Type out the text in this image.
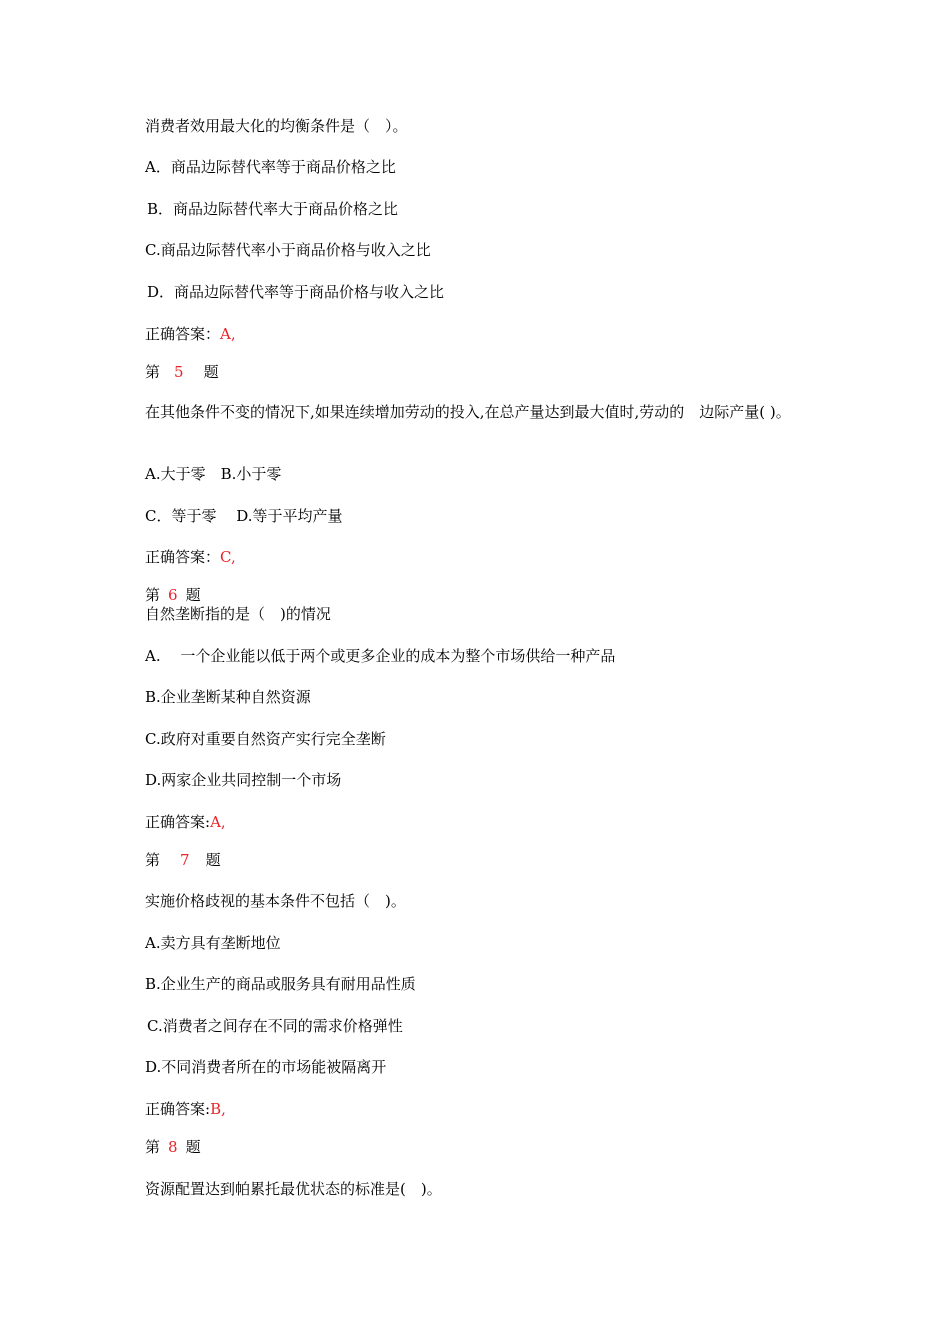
消费者效用最大化的均衡条件是（　）。
A．商品边际替代率等于商品价格之比
B．商品边际替代率大于商品价格之比
C.商品边际替代率小于商品价格与收入之比
D．商品边际替代率等于商品价格与收入之比
正确答案：A,
第 5 题
在其他条件不变的情况下,如果连续增加劳动的投入,在总产量达到最大值时,劳动的　边际产量( )。
A.大于零　B.小于零
C．等于零　 D.等于平均产量
正确答案：C,
第 6 题
自然垄断指的是（　)的情况
A.　 一个企业能以低于两个或更多企业的成本为整个市场供给一种产品
B.企业垄断某种自然资源
C.政府对重要自然资产实行完全垄断
D.两家企业共同控制一个市场
正确答案:A,
第 7 题
实施价格歧视的基本条件不包括（　)。
A.卖方具有垄断地位
B.企业生产的商品或服务具有耐用品性质
C.消费者之间存在不同的需求价格弹性
D.不同消费者所在的市场能被隔离开
正确答案:B,
第 8 题
资源配置达到帕累托最优状态的标准是(　)。
